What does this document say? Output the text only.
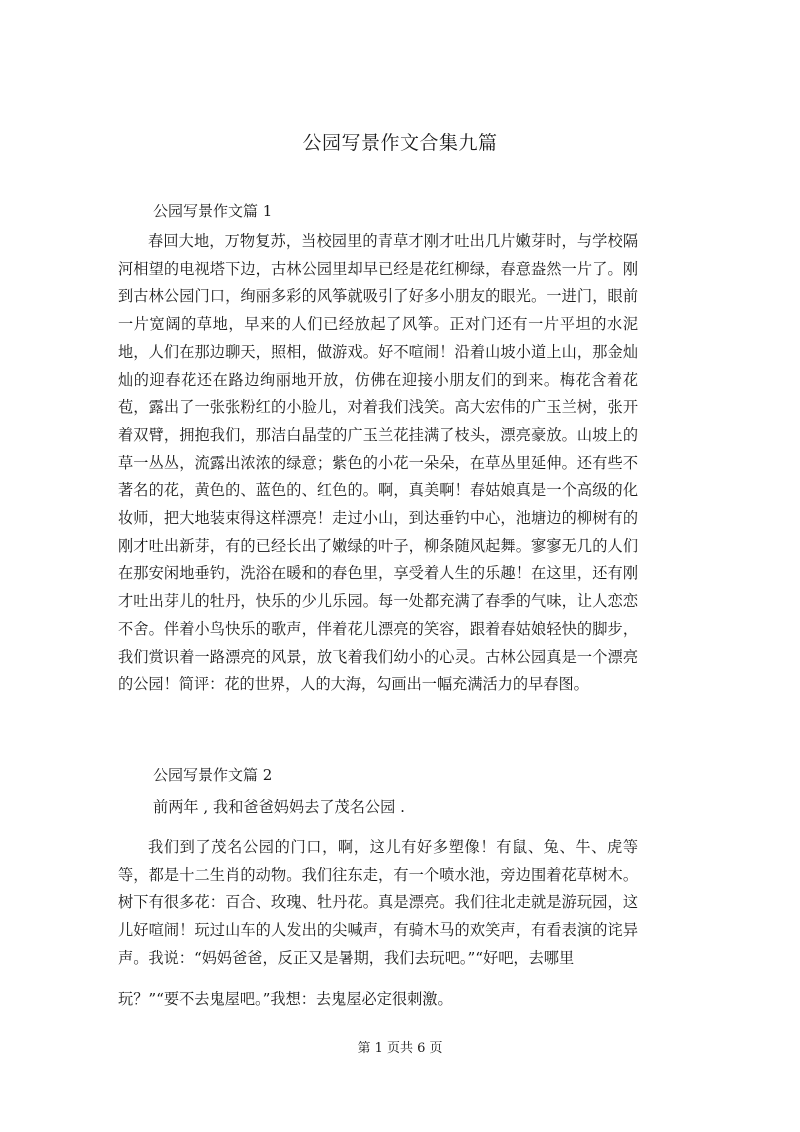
公园写景作文合集九篇
公园写景作文篇 1

春回大地，万物复苏，当校园里的青草才刚才吐出几片嫩芽时，与学校隔河相望的电视塔下边，古林公园里却早已经是花红柳绿，春意盎然一片了。刚到古林公园门口，绚丽多彩的风筝就吸引了好多小朋友的眼光。一进门，眼前一片宽阔的草地，早来的人们已经放起了风筝。正对门还有一片平坦的水泥地，人们在那边聊天，照相，做游戏。好不喧闹！沿着山坡小道上山，那金灿灿的迎春花还在路边绚丽地开放，仿佛在迎接小朋友们的到来。梅花含着花苞，露出了一张张粉红的小脸儿，对着我们浅笑。高大宏伟的广玉兰树，张开着双臂，拥抱我们，那洁白晶莹的广玉兰花挂满了枝头，漂亮豪放。山坡上的草一丛丛，流露出浓浓的绿意；紫色的小花一朵朵，在草丛里延伸。还有些不著名的花，黄色的、蓝色的、红色的。啊，真美啊！春姑娘真是一个高级的化妆师，把大地装束得这样漂亮！走过小山，到达垂钓中心，池塘边的柳树有的刚才吐出新芽，有的已经长出了嫩绿的叶子，柳条随风起舞。寥寥无几的人们在那安闲地垂钓，洗浴在暖和的春色里，享受着人生的乐趣！在这里，还有刚才吐出芽儿的牡丹，快乐的少儿乐园。每一处都充满了春季的气味，让人恋恋不舍。伴着小鸟快乐的歌声，伴着花儿漂亮的笑容，跟着春姑娘轻快的脚步，我们赏识着一路漂亮的风景，放飞着我们幼小的心灵。古林公园真是一个漂亮的公园！简评：花的世界，人的大海，勾画出一幅充满活力的早春图。

公园写景作文篇 2
前两年 , 我和爸爸妈妈去了茂名公园 .

我们到了茂名公园的门口，啊，这儿有好多塑像！有鼠、兔、牛、虎等等，都是十二生肖的动物。我们往东走，有一个喷水池，旁边围着花草树木。树下有很多花：百合、玫瑰、牡丹花。真是漂亮。我们往北走就是游玩园，这儿好喧闹！玩过山车的人发出的尖喊声，有骑木马的欢笑声，有看表演的诧异声。我说：“妈妈爸爸，反正又是暑期，我们去玩吧。”“好吧，去哪里

玩？”“要不去鬼屋吧。”我想：去鬼屋必定很刺激。
第 1 页共 6 页
